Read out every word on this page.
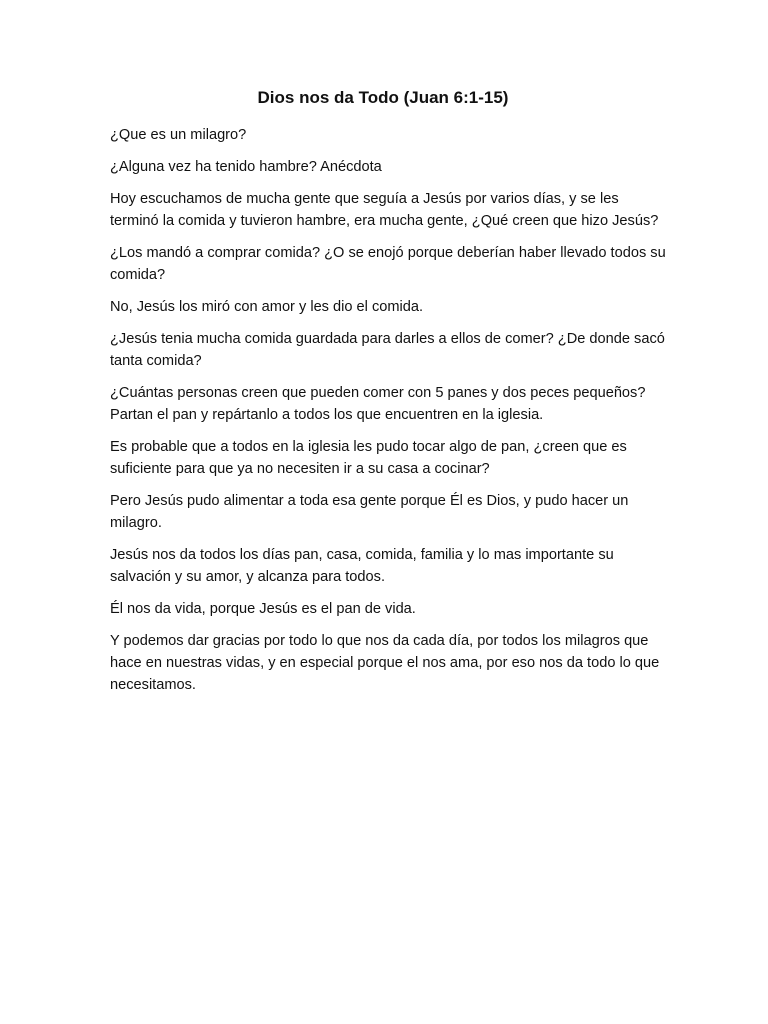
Dios nos da Todo (Juan 6:1-15)

¿Que es un milagro?

¿Alguna vez ha tenido hambre? Anécdota

Hoy escuchamos de mucha gente que seguía a Jesús por varios días, y se les terminó la comida y tuvieron hambre, era mucha gente, ¿Qué creen que hizo Jesús?

¿Los mandó a comprar comida? ¿O se enojó porque deberían haber llevado todos su comida?

No, Jesús los miró con amor y les dio el comida.

¿Jesús tenia mucha comida guardada para darles a ellos de comer? ¿De donde sacó tanta comida?

¿Cuántas personas creen que pueden comer con 5 panes y dos peces pequeños? Partan el pan y repártanlo a todos los que encuentren en la iglesia.

Es probable que a todos en la iglesia les pudo tocar algo de pan, ¿creen que es suficiente para que ya no necesiten ir a su casa a cocinar?

Pero Jesús pudo alimentar a toda esa gente porque Él es Dios, y pudo hacer un milagro.

Jesús nos da todos los días pan, casa, comida, familia y lo mas importante su salvación y su amor, y alcanza para todos.

Él nos da vida, porque Jesús es el pan de vida.

Y podemos dar gracias por todo lo que nos da cada día, por todos los milagros que hace en nuestras vidas, y en especial porque el nos ama, por eso nos da todo lo que necesitamos.
